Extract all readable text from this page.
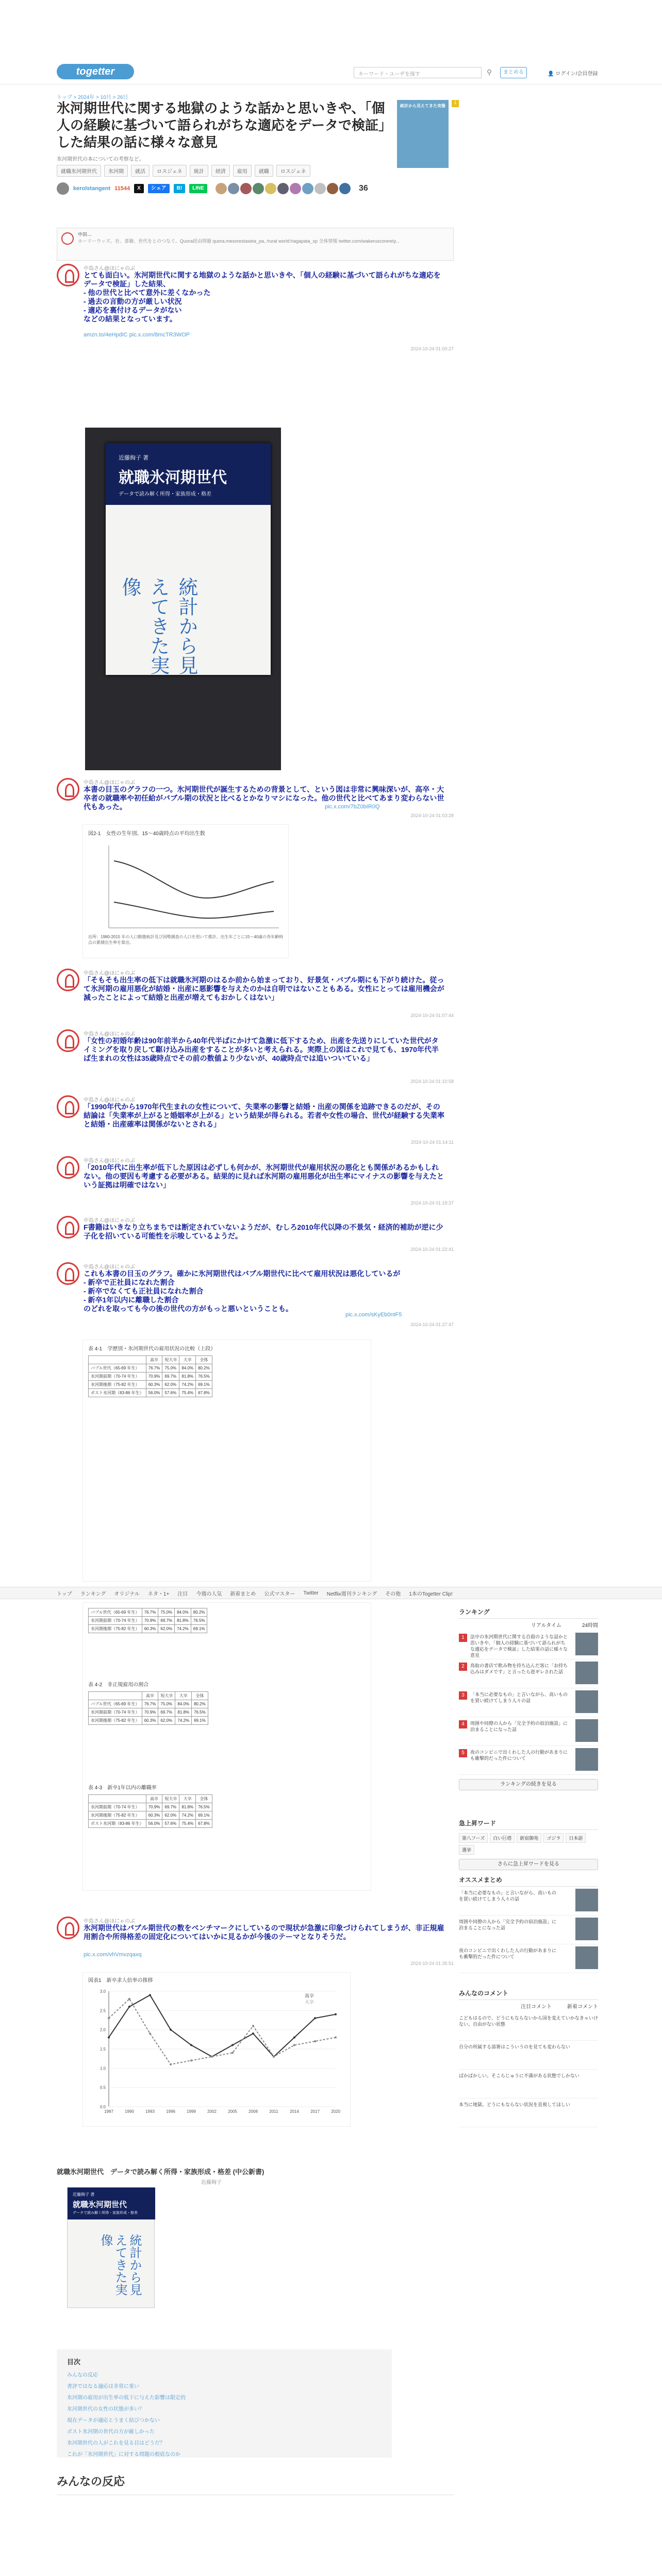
togetter	キーワード・ユーザを探す	⚲	まとめる	👤 ログイン/会員登録
トップ > 2024年 > 10月 > 26日
氷河期世代に関する地獄のような話かと思いきや、「個人の経験に基づいて語られがちな適応をデータで検証」した結果の話に様々な意見
氷河期世代の本についての考察など。
就職氷河期世代	氷河期	就活	ロスジェネ	統計	経済	雇用	就職	ロスジェネ
kerolstangent 11544	X	シェア	B!	LINE	36
統計から見えてきた実像
1
中田…
ホーリーウッズ、社、書籍、世代をとのつなぐ。Quora経由問題 quora.mesorestaseta_pa, /rural world:hagapata_sp 全体情報 twitter.com/wakeruscorerely...
中島さん@ほにゃのぶ
とても面白い。氷河期世代に関する地獄のような話かと思いきや、「個人の経験に基づいて語られがちな適応をデータで検証」した結果、
- 他の世代と比べて意外に差くなかった
- 過去の言動の方が厳しい状況
- 適応を裏付けるデータがない
などの結果となっています。
amzn.to/4eHpdIC pic.x.com/8mcTR3WOP
2024-10-24 01:00:27
近藤絢子 著
就職氷河期世代
データで読み解く所得・家族形成・格差
統計から見えてきた実像
中島さん@ほにゃのぶ
本書の目玉のグラフの一つ。氷河期世代が誕生するための背景として、という図は非常に興味深いが、高卒・大卒者の就職率や初任給がバブル期の状況と比べるとかなりマシになった。他の世代と比べてあまり変わらない世代もあった。	pic.x.com/7bZ0bIR0Q
2024-10-24 01:03:28
図2-1　女性の生年別、15～40歳時点の平均出生数
出所：1980-2015 年の人口動態統計及び国勢調査の人口を用いて推計。出生年ごとに15～40歳の各年齢時点の累積出生率を算出。
中島さん@ほにゃのぶ
「そもそも出生率の低下は就職氷河期のはるか前から始まっており、好景気・バブル期にも下がり続けた。従って氷河期の雇用悪化が結婚・出産に悪影響を与えたのかは自明ではないこともある。女性にとっては雇用機会が減ったことによって結婚と出産が増えてもおかしくはない」
2024-10-24 01:07:44
中島さん@ほにゃのぶ
「女性の初婚年齢は90年前半から40年代半ばにかけて急激に低下するため、出産を先送りにしていた世代がタイミングを取り戻して駆け込み出産をすることが多いと考えられる。実際上の図はこれで見ても、1970年代半ば生まれの女性は35歳時点でその前の数値より少ないが、40歳時点では追いついている」
2024-10-24 01:10:58
中島さん@ほにゃのぶ
「1990年代から1970年代生まれの女性について、失業率の影響と結婚・出産の関係を追跡できるのだが、その結論は「失業率が上がると婚姻率が上がる」という結果が得られる。若者や女性の場合、世代が経験する失業率と結婚・出産確率は関係がないとされる」
2024-10-24 01:14:11
中島さん@ほにゃのぶ
「2010年代に出生率が低下した原因は必ずしも何かが、氷河期世代が雇用状況の悪化とも関係があるかもしれない。他の要因も考慮する必要がある。結果的に見れば氷河期の雇用悪化が出生率にマイナスの影響を与えたという証拠は明確ではない」
2024-10-24 01:19:37
中島さん@ほにゃのぶ
F書籍はいきなり立ちまちでは断定されていないようだが、むしろ2010年代以降の不景気・経済的補助が逆に少子化を招いている可能性を示唆しているようだ。
2024-10-24 01:22:41
中島さん@ほにゃのぶ
これも本書の目玉のグラフ。確かに氷河期世代はバブル期世代に比べて雇用状況は悪化しているが
- 新卒で正社員になれた割合
- 新卒でなくても正社員になれた割合
- 新卒1年以内に離職した割合
のどれを取っても今の後の世代の方がもっと悪いということも。
pic.x.com/sKyEb0ntF5
2024-10-24 01:27:47
表 4-1　学歴別・氷河期世代の雇用状況の比較（上段）
	高卒	短大卒	大卒	全体
バブル世代（65-69 年生）	76.7%	75.0%	84.0%	80.2%
氷河期前期（70-74 年生）	70.9%	69.7%	81.8%	76.5%
氷河期後期（75-82 年生）	60.3%	62.0%	74.2%	69.1%
ポスト氷河期（83-86 年生）	56.0%	57.6%	75.4%	67.8%
トップ ランキング オリジナル ネタ・1+ 注目 今週の人気 新着まとめ 公式マスター Twitter Netflix週刊ランキング その他 1本のTogetter Clip!
バブル世代（65-69 年生）	76.7%	75.0%	84.0%	80.2%
氷河期前期（70-74 年生）	70.9%	69.7%	81.8%	76.5%
氷河期後期（75-82 年生）	60.3%	62.0%	74.2%	69.1%
表 4-2　非正規雇用の割合
	高卒	短大卒	大卒	全体
バブル世代（65-69 年生）	76.7%	75.0%	84.0%	80.2%
氷河期前期（70-74 年生）	70.9%	69.7%	81.8%	76.5%
氷河期後期（75-82 年生）	60.3%	62.0%	74.2%	69.1%
表 4-3　新卒1年以内の離職率
	高卒	短大卒	大卒	全体
氷河期前期（70-74 年生）	70.9%	69.7%	81.8%	76.5%
氷河期後期（75-82 年生）	60.3%	62.0%	74.2%	69.1%
ポスト氷河期（83-86 年生）	56.0%	57.6%	75.4%	67.8%
中島さん@ほにゃのぶ
氷河期世代はバブル期世代の数をベンチマークにしているので現状が急激に印象づけられてしまうが、非正規雇用割合や所得格差の固定化についてはいかに見るかが今後のテーマとなりそうだ。
pic.x.com/vhVmvzqaxq
2024-10-24 01:35:51
図表1　新卒求人倍率の推移
0.0
0.5
1.0
1.5
2.0
2.5
3.0
1987	1990	1993	1996	1999	2002	2005	2008	2011	2014	2017	2020
高卒
大卒
就職氷河期世代　データで読み解く所得・家族形成・格差 (中公新書)
近藤絢子
近藤絢子 著
就職氷河期世代
データで読み解く所得・家族形成・格差
統計から見えてきた実像
目次
みんなの反応
書評ではなる適応は非常に重い
氷河期の雇用が出生率の低下に与えた影響は限定的
氷河期世代の女性の状態が多い？
現在データが適応とうまく結びつかない
ポスト氷河期の世代の方が厳しかった
氷河期世代の人がこれを見る目はどうだ？
これが「氷河期世代」に対する問題の根底なのか
みんなの反応
ランキング
リアルタイム	24時間
1	法中の氷河期世代に関する自殺のような話かと思いきや、「個人の経験に基づいて語られがちな適応をデータで検証」した結果の話に様々な意見
2	鳥取の書店で飲み物を持ち込んだ客に「お持ち込みはダメです」と言ったら逆ギレされた話
3	「本当に必要なもの」と言いながら、高いものを買い続けてしまう人々の話
4	周囲や同僚の人から「完全予約の宿泊施設」に泊まることになった話
5	夜のコンビニで出くわした人の行動があまりにも衝撃的だった件について
ランキングの続きを見る
急上昇ワード
第八フーズ	白い巨塔	新宿御苑	ゴジラ	日本語
選挙
さらに急上昇ワードを見る
オススメまとめ
「本当に必要なもの」と言いながら、高いものを買い続けてしまう人々の話
周囲や同僚の人から「完全予約の宿泊施設」に泊まることになった話
夜のコンビニで出くわした人の行動があまりにも衝撃的だった件について
みんなのコメント
注目コメント	新着コメント
こどもはるので、どうにもならないから国を変えていかなきゃいけない。自由がない状態
自分の所属する部署はこういうのを見ても変わらない
ばかばかしい。そこらじゅうに不満がある状態でしかない
本当に地獄。どうにもならない状況を直視してほしい
